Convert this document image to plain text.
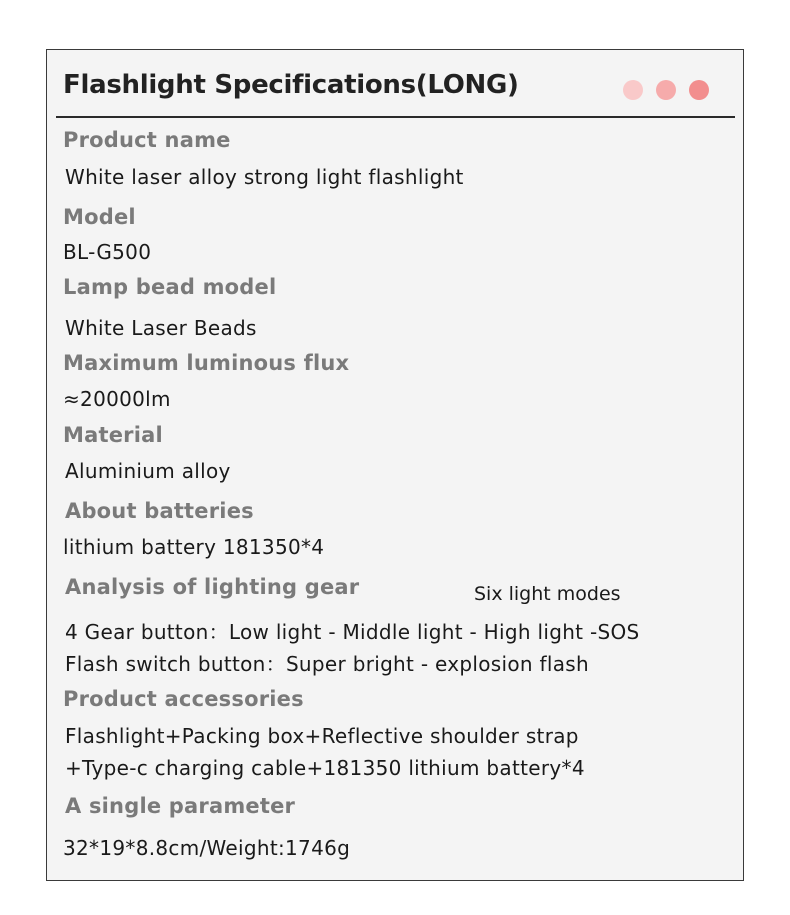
Flashlight Specifications(LONG)
Product name
White laser alloy strong light flashlight
Model
BL-G500
Lamp bead model
White Laser Beads
Maximum luminous flux
≈20000lm
Material
Aluminium alloy
About batteries
lithium battery 181350*4
Analysis of lighting gear	Six light modes
4 Gear button：Low light - Middle light - High light -SOS
Flash switch button：Super bright - explosion flash
Product accessories
Flashlight+Packing box+Reflective shoulder strap
+Type-c charging cable+181350 lithium battery*4
A single parameter
32*19*8.8cm/Weight:1746g
